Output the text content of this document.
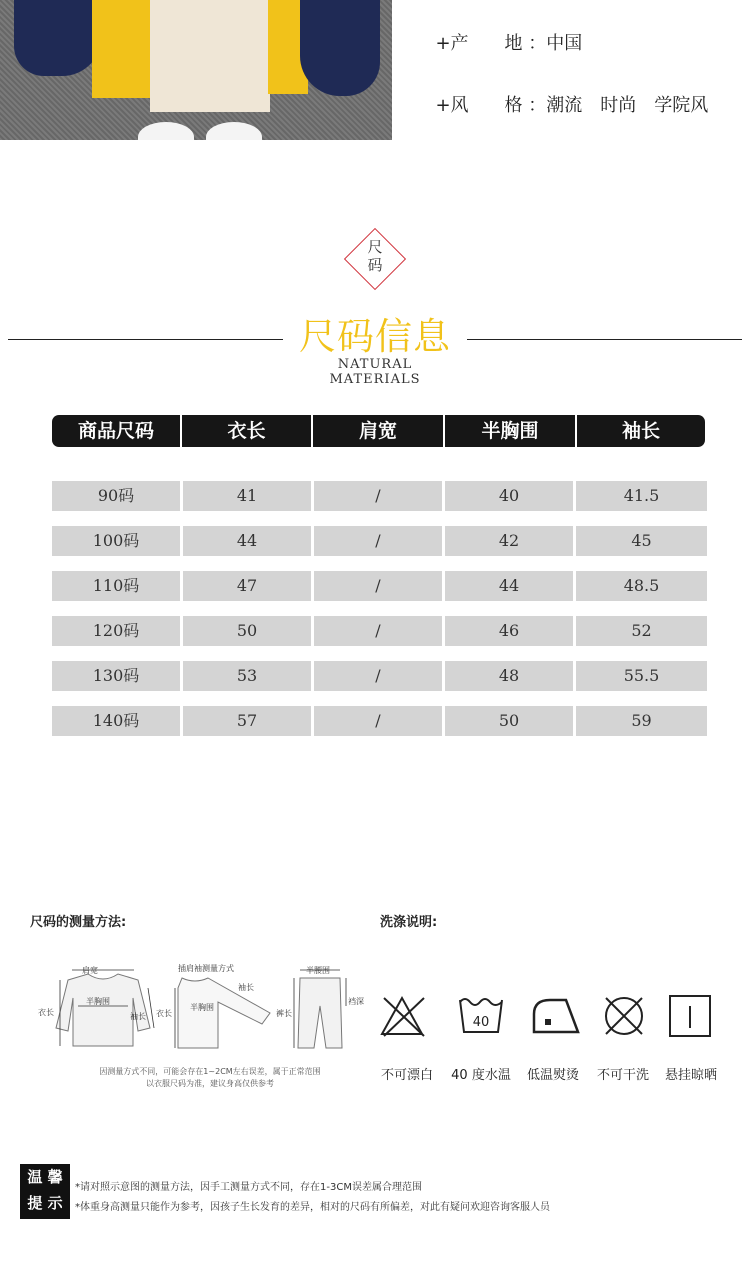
+产　　地 ：中国

+风　　格 ：潮流　时尚　学院风

尺
码
尺码信息
NATURAL MATERIALS
商品尺码	衣长	肩宽	半胸围	袖长
90码	41	/	40	41.5
100码	44	/	42	45
110码	47	/	44	48.5
120码	50	/	46	52
130码	53	/	48	55.5
140码	57	/	50	59
尺码的测量方法:
肩宽
衣长
半胸围
袖长
插肩袖测量方式
衣长
半胸围
袖长
半腰围
裤长
裆深
因测量方式不同，可能会存在1~2CM左右误差，属于正常范围
以衣服尺码为准，建议身高仅供参考
洗涤说明:
40
不可漂白	40 度水温	低温熨烫	不可干洗	悬挂晾晒
温 馨
提 示
*请对照示意图的测量方法，因手工测量方式不同，存在1-3CM误差属合理范围
*体重身高测量只能作为参考，因孩子生长发育的差异，相对的尺码有所偏差，对此有疑问欢迎咨询客服人员
